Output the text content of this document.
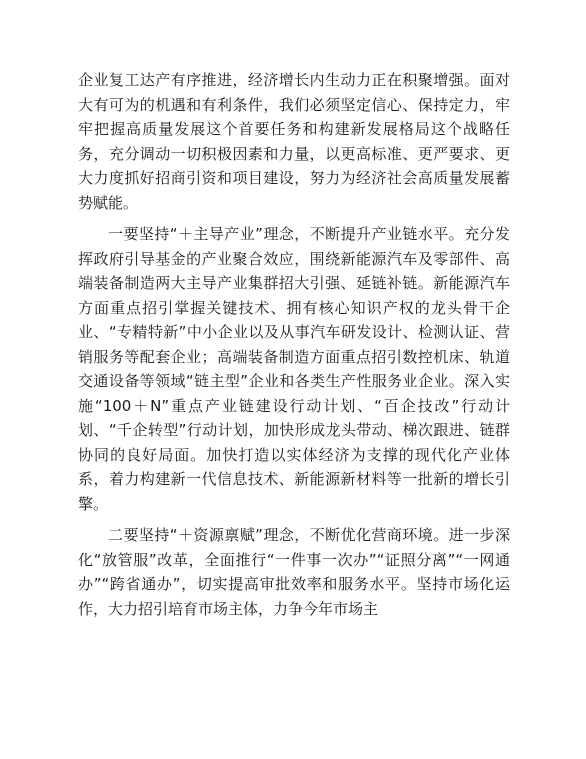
企业复工达产有序推进，经济增长内生动力正在积聚增强。面对大有可为的机遇和有利条件，我们必须坚定信心、保持定力，牢牢把握高质量发展这个首要任务和构建新发展格局这个战略任务，充分调动一切积极因素和力量，以更高标准、更严要求、更大力度抓好招商引资和项目建设，努力为经济社会高质量发展蓄势赋能。

一要坚持“＋主导产业”理念，不断提升产业链水平。充分发挥政府引导基金的产业聚合效应，围绕新能源汽车及零部件、高端装备制造两大主导产业集群招大引强、延链补链。新能源汽车方面重点招引掌握关键技术、拥有核心知识产权的龙头骨干企业、“专精特新”中小企业以及从事汽车研发设计、检测认证、营销服务等配套企业；高端装备制造方面重点招引数控机床、轨道交通设备等领域“链主型”企业和各类生产性服务业企业。深入实施“100＋N”重点产业链建设行动计划、“百企技改”行动计划、“千企转型”行动计划，加快形成龙头带动、梯次跟进、链群协同的良好局面。加快打造以实体经济为支撑的现代化产业体系，着力构建新一代信息技术、新能源新材料等一批新的增长引擎。

二要坚持“＋资源禀赋”理念，不断优化营商环境。进一步深化“放管服”改革，全面推行“一件事一次办”“证照分离”“一网通办”“跨省通办”，切实提高审批效率和服务水平。坚持市场化运作，大力招引培育市场主体，力争今年市场主
